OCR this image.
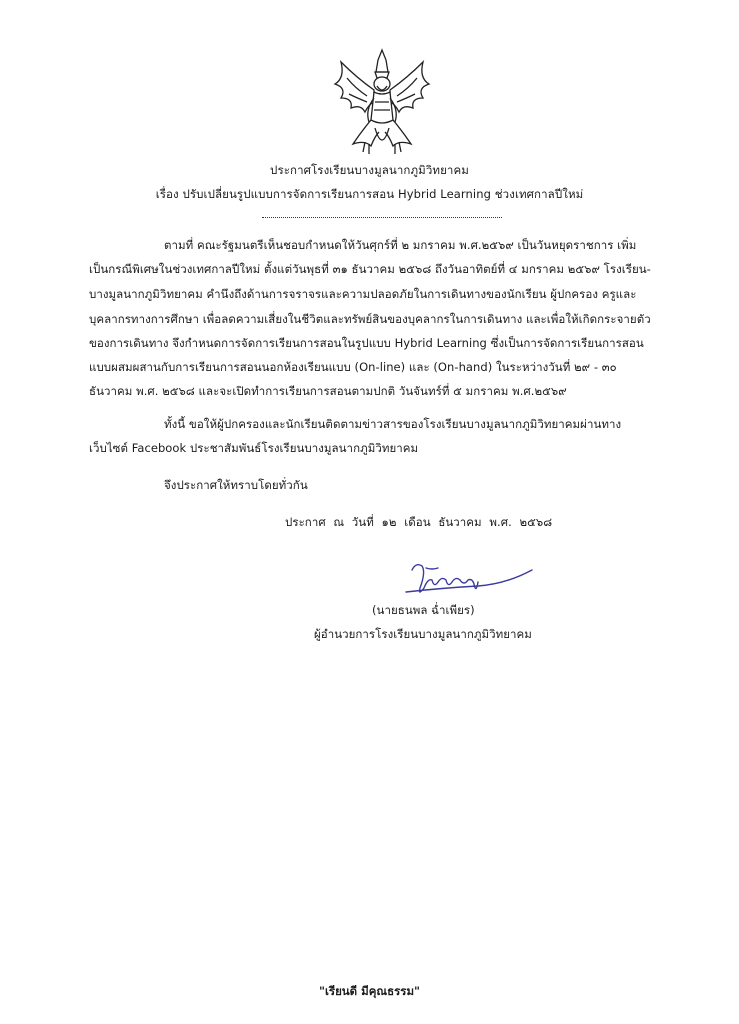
ประกาศโรงเรียนบางมูลนากภูมิวิทยาคม
เรื่อง ปรับเปลี่ยนรูปแบบการจัดการเรียนการสอน Hybrid Learning ช่วงเทศกาลปีใหม่
ตามที่ คณะรัฐมนตรีเห็นชอบกำหนดให้วันศุกร์ที่ ๒ มกราคม พ.ศ.๒๕๖๙ เป็นวันหยุดราชการ เพิ่ม
เป็นกรณีพิเศษในช่วงเทศกาลปีใหม่ ตั้งแต่วันพุธที่ ๓๑ ธันวาคม ๒๕๖๘ ถึงวันอาทิตย์ที่ ๔ มกราคม ๒๕๖๙ โรงเรียน-
บางมูลนากภูมิวิทยาคม คำนึงถึงด้านการจราจรและความปลอดภัยในการเดินทางของนักเรียน ผู้ปกครอง ครูและ
บุคลากรทางการศึกษา เพื่อลดความเสี่ยงในชีวิตและทรัพย์สินของบุคลากรในการเดินทาง และเพื่อให้เกิดกระจายตัว
ของการเดินทาง จึงกำหนดการจัดการเรียนการสอนในรูปแบบ Hybrid Learning ซึ่งเป็นการจัดการเรียนการสอน
แบบผสมผสานกับการเรียนการสอนนอกห้องเรียนแบบ (On-line) และ (On-hand) ในระหว่างวันที่ ๒๙ - ๓๐
ธันวาคม พ.ศ. ๒๕๖๘ และจะเปิดทำการเรียนการสอนตามปกติ วันจันทร์ที่ ๕ มกราคม พ.ศ.๒๕๖๙
ทั้งนี้ ขอให้ผู้ปกครองและนักเรียนติดตามข่าวสารของโรงเรียนบางมูลนากภูมิวิทยาคมผ่านทาง
เว็บไซต์ Facebook ประชาสัมพันธ์โรงเรียนบางมูลนากภูมิวิทยาคม
จึงประกาศให้ทราบโดยทั่วกัน
ประกาศ ณ วันที่ ๑๒ เดือน ธันวาคม พ.ศ. ๒๕๖๘
(นายธนพล ฉ่ำเพียร)
ผู้อำนวยการโรงเรียนบางมูลนากภูมิวิทยาคม
"เรียนดี มีคุณธรรม"
